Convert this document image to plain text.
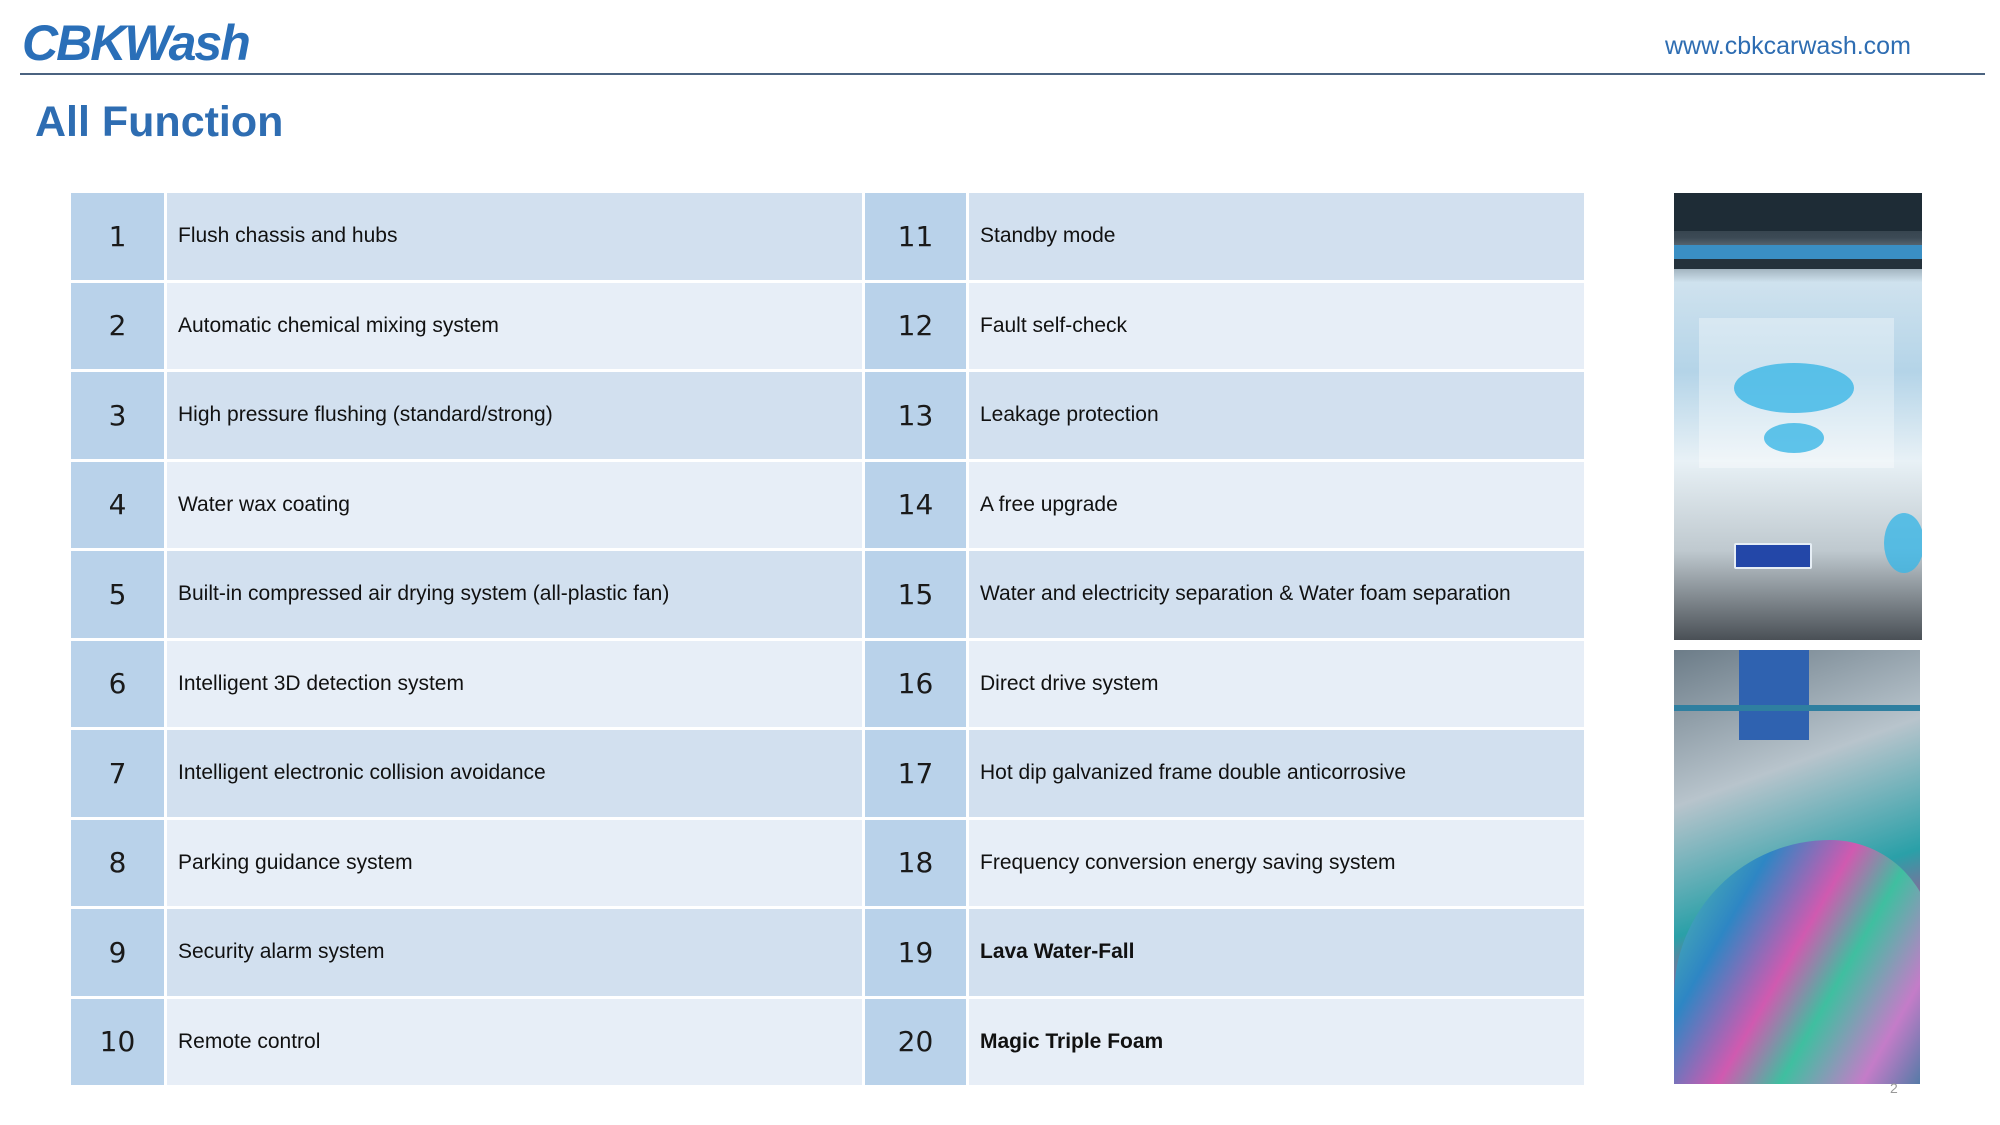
CBKWash	www.cbkcarwash.com
All Function
1	Flush chassis and hubs	11	Standby mode
2	Automatic chemical mixing system	12	Fault self-check
3	High pressure flushing (standard/strong)	13	Leakage protection
4	Water wax coating	14	A free upgrade
5	Built-in compressed air drying system (all-plastic fan)	15	Water and electricity separation & Water foam separation
6	Intelligent 3D detection system	16	Direct drive system
7	Intelligent electronic collision avoidance	17	Hot dip galvanized frame double anticorrosive
8	Parking guidance system	18	Frequency conversion energy saving system
9	Security alarm system	19	Lava Water-Fall
10	Remote control	20	Magic Triple Foam
2
